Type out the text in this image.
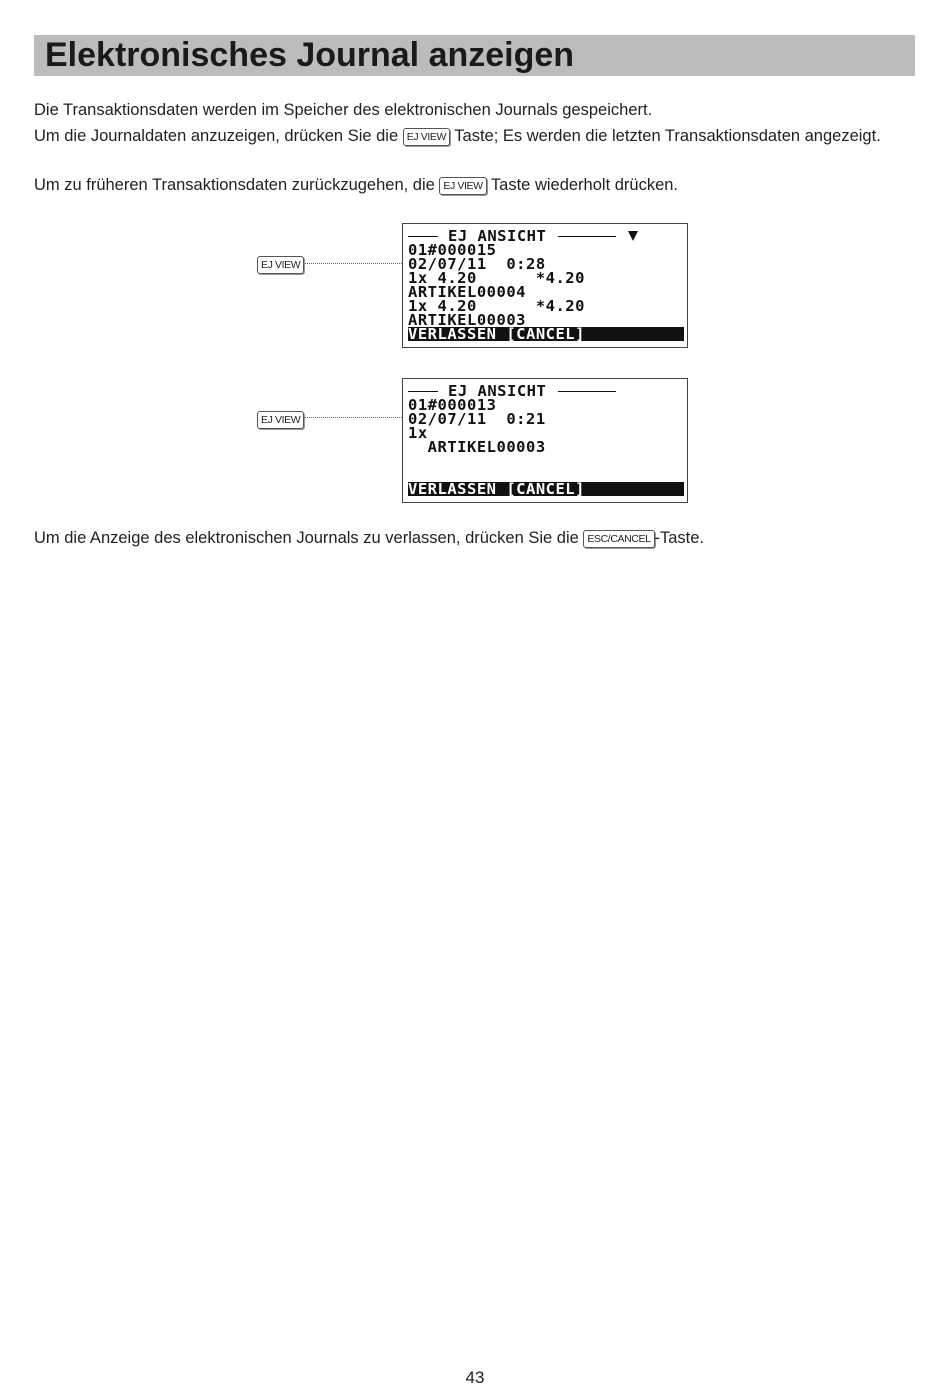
Elektronisches Journal anzeigen

Die Transaktionsdaten werden im Speicher des elektronischen Journals gespeichert.

Um die Journaldaten anzuzeigen, drücken Sie die EJ VIEW Taste; Es werden die letzten Transaktionsdaten angezeigt.

Um zu früheren Transaktionsdaten zurückzugehen, die EJ VIEW Taste wiederholt drücken.

EJ VIEW
EJ ANSICHT
01#000015
02/07/11  0:28
1x 4.20      *4.20
ARTIKEL00004
1x 4.20      *4.20
ARTIKEL00003
VERLASSEN [CANCEL]
EJ VIEW
EJ ANSICHT
01#000013
02/07/11  0:21
1x
ARTIKEL00003

VERLASSEN [CANCEL]

Um die Anzeige des elektronischen Journals zu verlassen, drücken Sie die ESC/CANCEL -Taste.

43
